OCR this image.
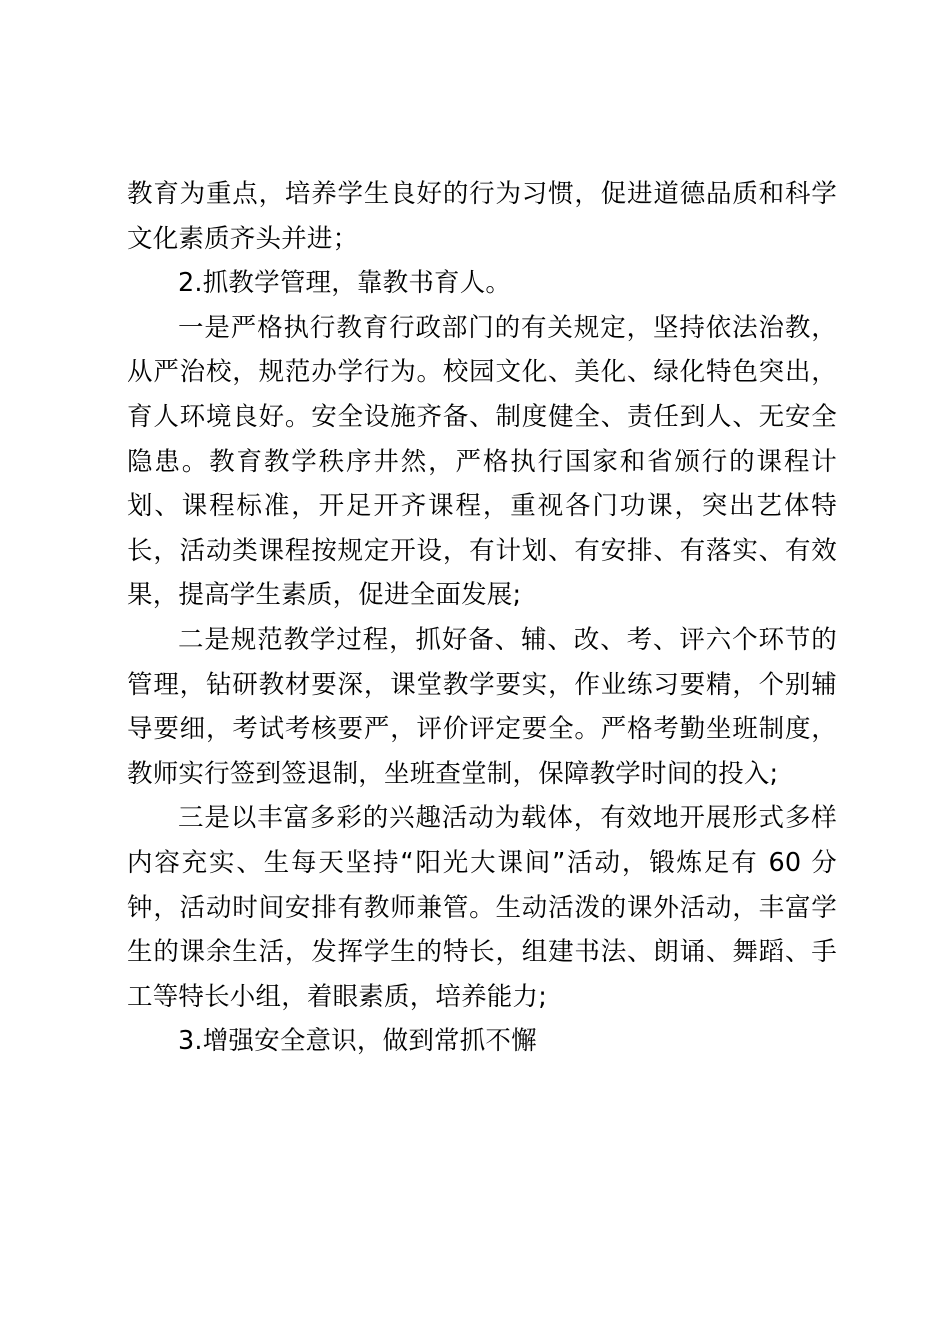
教育为重点，培养学生良好的行为习惯，促进道德品质和科学文化素质齐头并进；

2.抓教学管理，靠教书育人。

一是严格执行教育行政部门的有关规定，坚持依法治教，从严治校，规范办学行为。校园文化、美化、绿化特色突出，育人环境良好。安全设施齐备、制度健全、责任到人、无安全隐患。教育教学秩序井然，严格执行国家和省颁行的课程计划、课程标准，开足开齐课程，重视各门功课，突出艺体特长，活动类课程按规定开设，有计划、有安排、有落实、有效果，提高学生素质，促进全面发展;

二是规范教学过程，抓好备、辅、改、考、评六个环节的管理，钻研教材要深，课堂教学要实，作业练习要精，个别辅导要细，考试考核要严，评价评定要全。严格考勤坐班制度，教师实行签到签退制，坐班查堂制，保障教学时间的投入;

三是以丰富多彩的兴趣活动为载体，有效地开展形式多样内容充实、生每天坚持“阳光大课间”活动，锻炼足有 60 分钟，活动时间安排有教师兼管。生动活泼的课外活动，丰富学生的课余生活，发挥学生的特长，组建书法、朗诵、舞蹈、手工等特长小组，着眼素质，培养能力;

3.增强安全意识，做到常抓不懈
